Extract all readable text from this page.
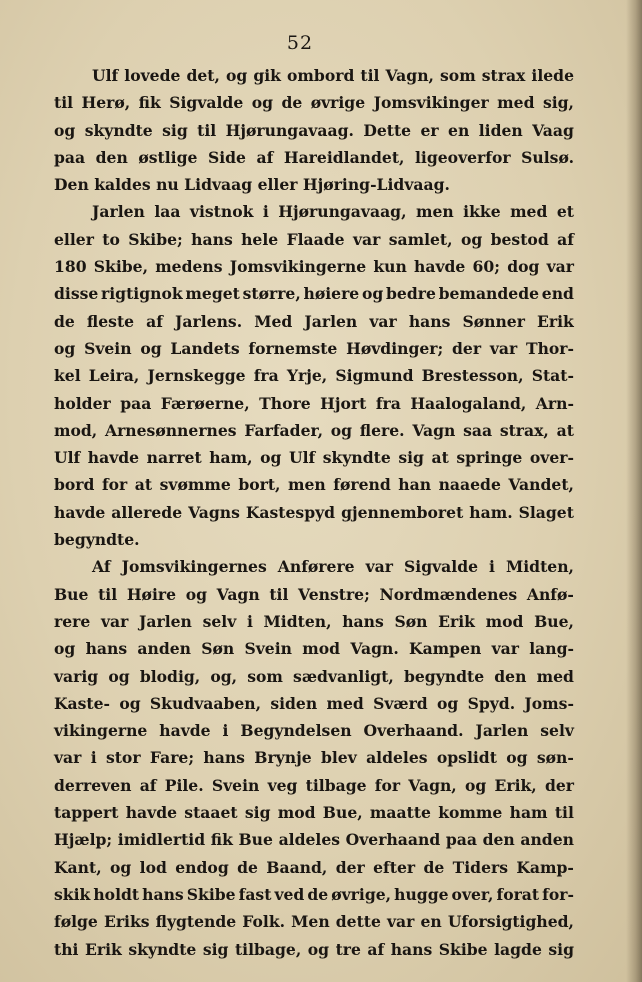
52
Ulf lovede det, og gik ombord til Vagn, som strax ilede
til Herø, fik Sigvalde og de øvrige Jomsvikinger med sig,
og skyndte sig til Hjørungavaag. Dette er en liden Vaag
paa den østlige Side af Hareidlandet, ligeoverfor Sulsø.
Den kaldes nu Lidvaag eller Hjøring-Lidvaag.
Jarlen laa vistnok i Hjørungavaag, men ikke med et
eller to Skibe; hans hele Flaade var samlet, og bestod af
180 Skibe, medens Jomsvikingerne kun havde 60; dog var
disse rigtignok meget større, høiere og bedre bemandede end
de fleste af Jarlens. Med Jarlen var hans Sønner Erik
og Svein og Landets fornemste Høvdinger; der var Thor-
kel Leira, Jernskegge fra Yrje, Sigmund Brestesson, Stat-
holder paa Færøerne, Thore Hjort fra Haalogaland, Arn-
mod, Arnesønnernes Farfader, og flere. Vagn saa strax, at
Ulf havde narret ham, og Ulf skyndte sig at springe over-
bord for at svømme bort, men førend han naaede Vandet,
havde allerede Vagns Kastespyd gjennemboret ham. Slaget
begyndte.
Af Jomsvikingernes Anførere var Sigvalde i Midten,
Bue til Høire og Vagn til Venstre; Nordmændenes Anfø-
rere var Jarlen selv i Midten, hans Søn Erik mod Bue,
og hans anden Søn Svein mod Vagn. Kampen var lang-
varig og blodig, og, som sædvanligt, begyndte den med
Kaste- og Skudvaaben, siden med Sværd og Spyd. Joms-
vikingerne havde i Begyndelsen Overhaand. Jarlen selv
var i stor Fare; hans Brynje blev aldeles opslidt og søn-
derreven af Pile. Svein veg tilbage for Vagn, og Erik, der
tappert havde staaet sig mod Bue, maatte komme ham til
Hjælp; imidlertid fik Bue aldeles Overhaand paa den anden
Kant, og lod endog de Baand, der efter de Tiders Kamp-
skik holdt hans Skibe fast ved de øvrige, hugge over, forat for-
følge Eriks flygtende Folk. Men dette var en Uforsigtighed,
thi Erik skyndte sig tilbage, og tre af hans Skibe lagde sig
